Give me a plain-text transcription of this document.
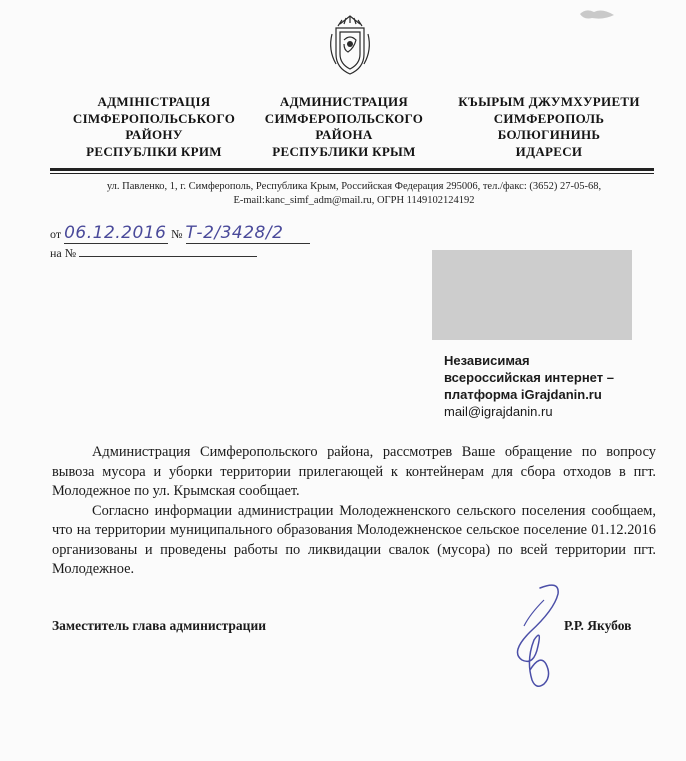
АДМІНІСТРАЦІЯ
СІМФЕРОПОЛЬСЬКОГО
РАЙОНУ
РЕСПУБЛІКИ КРИМ
АДМИНИСТРАЦИЯ
СИМФЕРОПОЛЬСКОГО
РАЙОНА
РЕСПУБЛИКИ КРЫМ
КЪЫРЫМ ДЖУМХУРИЕТИ
СИМФЕРОПОЛЬ
БОЛЮГИНИНЬ
ИДАРЕСИ
ул. Павленко, 1, г. Симферополь, Республика Крым, Российская Федерация 295006, тел./факс: (3652) 27-05-68,
E-mail:kanc_simf_adm@mail.ru, ОГРН 1149102124192
от 06.12.2016 № Т-2/3428/2
на №
Независимая
всероссийская интернет –
платформа iGrajdanin.ru
mail@igrajdanin.ru

Администрация Симферопольского района, рассмотрев Ваше обращение по вопросу вывоза мусора и уборки территории прилегающей к контейнерам для сбора отходов в пгт. Молодежное по ул. Крымская сообщает.

Согласно информации администрации Молодежненского сельского поселения сообщаем, что на территории муниципального образования Молодежненское сельское поселение 01.12.2016 организованы и проведены работы по ликвидации свалок (мусора) по всей территории пгт. Молодежное.

Заместитель глава администрации	Р.Р. Якубов
